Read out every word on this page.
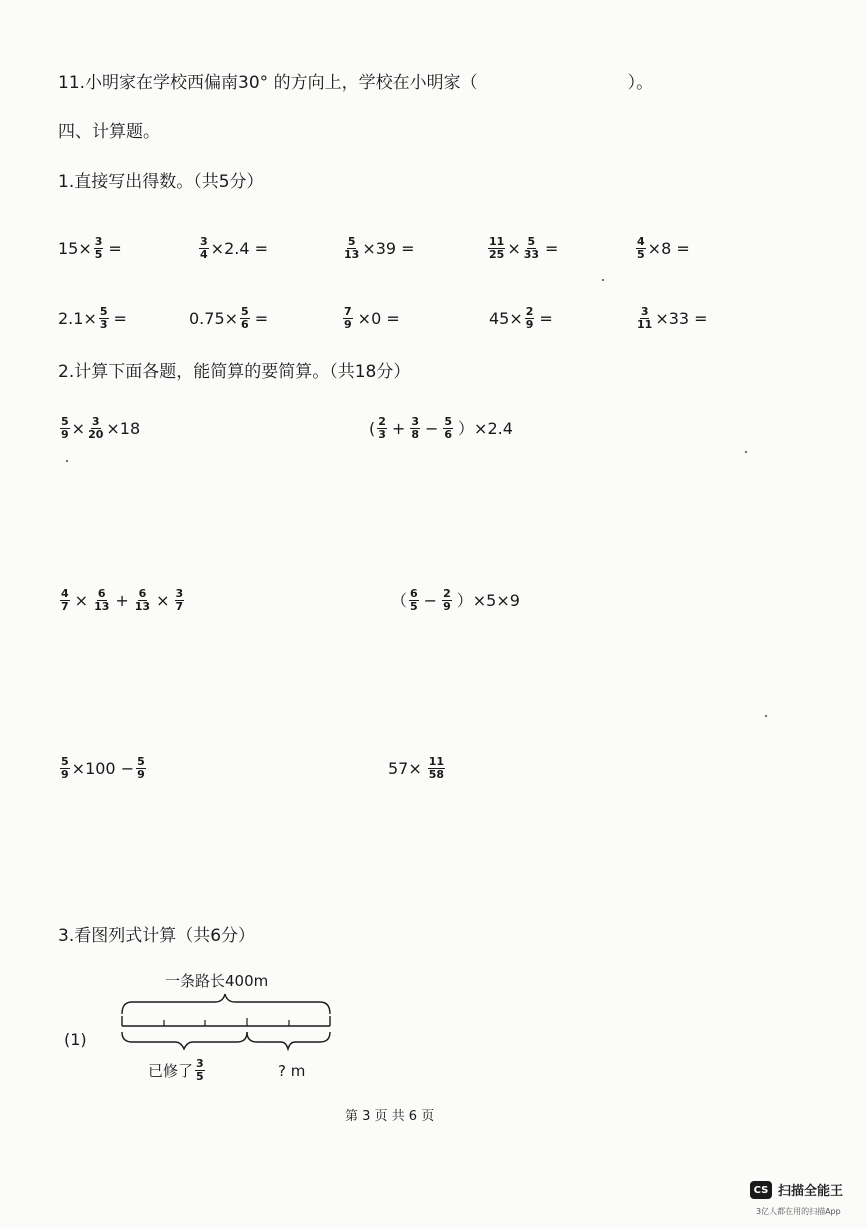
11.小明家在学校西偏南30° 的方向上，学校在小明家（	）。
四、计算题。
1.直接写出得数。（共5分）
$15\times \frac{3}{5}$ =	$\frac{3}{4} \times 2.4$ =	$\frac{5}{13} \times 39$ =	$\frac{11}{25} \times \frac{5}{33}$ =	$\frac{4}{5} \times 8$ =
$2.1\times \frac{5}{3}$ =	$0.75\times \frac{5}{6}$ =	$\frac{7}{9} \times 0$ =	$45\times \frac{2}{9}$ =	$\frac{3}{11} \times 33$ =
2.计算下面各题，能简算的要简算。（共18分）
$\frac{5}{9} \times \frac{3}{20} \times 18$	( $\frac{2}{3} + \frac{3}{8} - \frac{5}{6} )\times 2.4$
$\frac{4}{7} \times \frac{6}{13} + \frac{6}{13} \times \frac{3}{7}$	（ $\frac{6}{5} - \frac{2}{9} )\times 5\times 9$
$\frac{5}{9} \times 100 - \frac{5}{9}$	$57\times \frac{11}{58}$
3.看图列式计算（共6分）
一条路长400m
(1)
已修了 $\frac{3}{5}$	? m
第 3 页 共 6 页
CS 扫描全能王
3亿人都在用的扫描App
